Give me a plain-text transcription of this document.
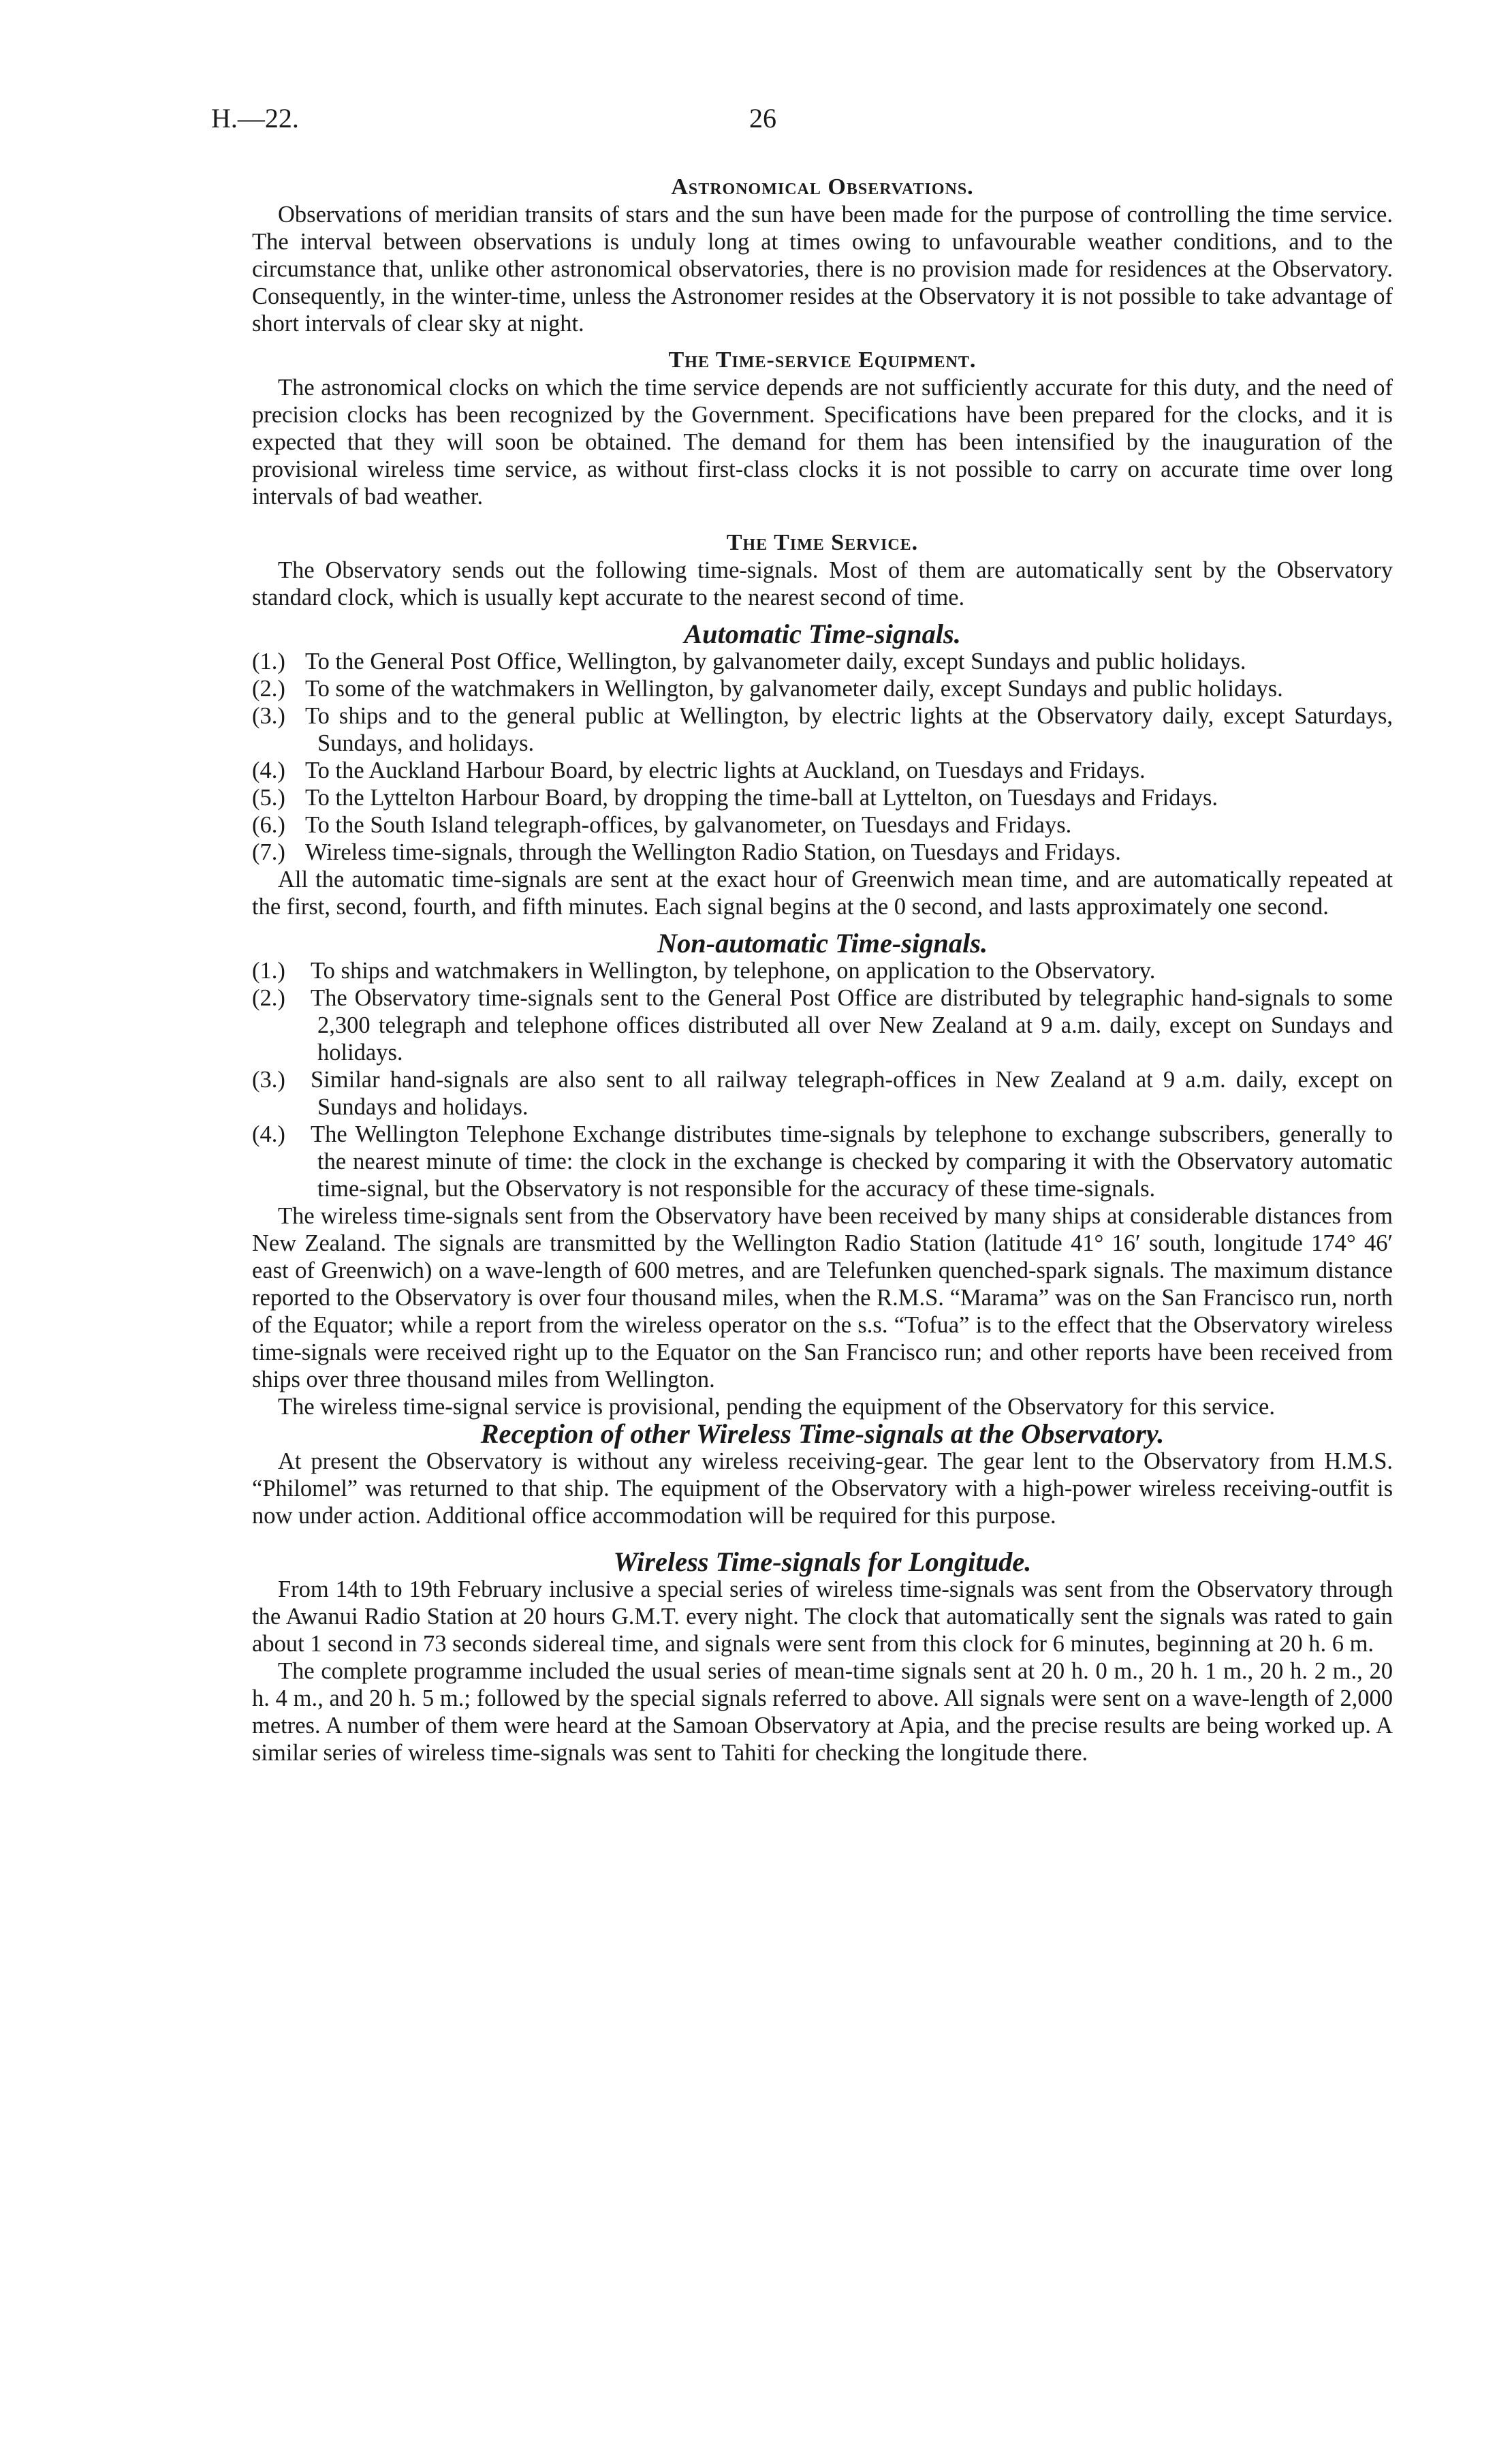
H.—22.	26
Astronomical Observations.

Observations of meridian transits of stars and the sun have been made for the purpose of controlling the time service. The interval between observations is unduly long at times owing to unfavourable weather conditions, and to the circumstance that, unlike other astronomical observatories, there is no provision made for residences at the Observatory. Consequently, in the winter-time, unless the Astronomer resides at the Observatory it is not possible to take advantage of short intervals of clear sky at night.

The Time-service Equipment.

The astronomical clocks on which the time service depends are not sufficiently accurate for this duty, and the need of precision clocks has been recognized by the Government. Specifications have been prepared for the clocks, and it is expected that they will soon be obtained. The demand for them has been intensified by the inauguration of the provisional wireless time service, as without first-class clocks it is not possible to carry on accurate time over long intervals of bad weather.

The Time Service.

The Observatory sends out the following time-signals. Most of them are automatically sent by the Observatory standard clock, which is usually kept accurate to the nearest second of time.

Automatic Time-signals.
(1.) To the General Post Office, Wellington, by galvanometer daily, except Sundays and public holidays.
(2.) To some of the watchmakers in Wellington, by galvanometer daily, except Sundays and public holidays.
(3.) To ships and to the general public at Wellington, by electric lights at the Observatory daily, except Saturdays, Sundays, and holidays.
(4.) To the Auckland Harbour Board, by electric lights at Auckland, on Tuesdays and Fridays.
(5.) To the Lyttelton Harbour Board, by dropping the time-ball at Lyttelton, on Tuesdays and Fridays.
(6.) To the South Island telegraph-offices, by galvanometer, on Tuesdays and Fridays.
(7.) Wireless time-signals, through the Wellington Radio Station, on Tuesdays and Fridays.

All the automatic time-signals are sent at the exact hour of Greenwich mean time, and are automatically repeated at the first, second, fourth, and fifth minutes. Each signal begins at the 0 second, and lasts approximately one second.

Non-automatic Time-signals.
(1.) To ships and watchmakers in Wellington, by telephone, on application to the Observatory.
(2.) The Observatory time-signals sent to the General Post Office are distributed by telegraphic hand-signals to some 2,300 telegraph and telephone offices distributed all over New Zealand at 9 a.m. daily, except on Sundays and holidays.
(3.) Similar hand-signals are also sent to all railway telegraph-offices in New Zealand at 9 a.m. daily, except on Sundays and holidays.
(4.) The Wellington Telephone Exchange distributes time-signals by telephone to exchange subscribers, generally to the nearest minute of time: the clock in the exchange is checked by comparing it with the Observatory automatic time-signal, but the Observatory is not responsible for the accuracy of these time-signals.

The wireless time-signals sent from the Observatory have been received by many ships at considerable distances from New Zealand. The signals are transmitted by the Wellington Radio Station (latitude 41° 16′ south, longitude 174° 46′ east of Greenwich) on a wave-length of 600 metres, and are Telefunken quenched-spark signals. The maximum distance reported to the Observatory is over four thousand miles, when the R.M.S. “Marama” was on the San Francisco run, north of the Equator; while a report from the wireless operator on the s.s. “Tofua” is to the effect that the Observatory wireless time-signals were received right up to the Equator on the San Francisco run; and other reports have been received from ships over three thousand miles from Wellington.

The wireless time-signal service is provisional, pending the equipment of the Observatory for this service.

Reception of other Wireless Time-signals at the Observatory.

At present the Observatory is without any wireless receiving-gear. The gear lent to the Observatory from H.M.S. “Philomel” was returned to that ship. The equipment of the Observatory with a high-power wireless receiving-outfit is now under action. Additional office accommodation will be required for this purpose.

Wireless Time-signals for Longitude.

From 14th to 19th February inclusive a special series of wireless time-signals was sent from the Observatory through the Awanui Radio Station at 20 hours G.M.T. every night. The clock that automatically sent the signals was rated to gain about 1 second in 73 seconds sidereal time, and signals were sent from this clock for 6 minutes, beginning at 20 h. 6 m.

The complete programme included the usual series of mean-time signals sent at 20 h. 0 m., 20 h. 1 m., 20 h. 2 m., 20 h. 4 m., and 20 h. 5 m.; followed by the special signals referred to above. All signals were sent on a wave-length of 2,000 metres. A number of them were heard at the Samoan Observatory at Apia, and the precise results are being worked up. A similar series of wireless time-signals was sent to Tahiti for checking the longitude there.
